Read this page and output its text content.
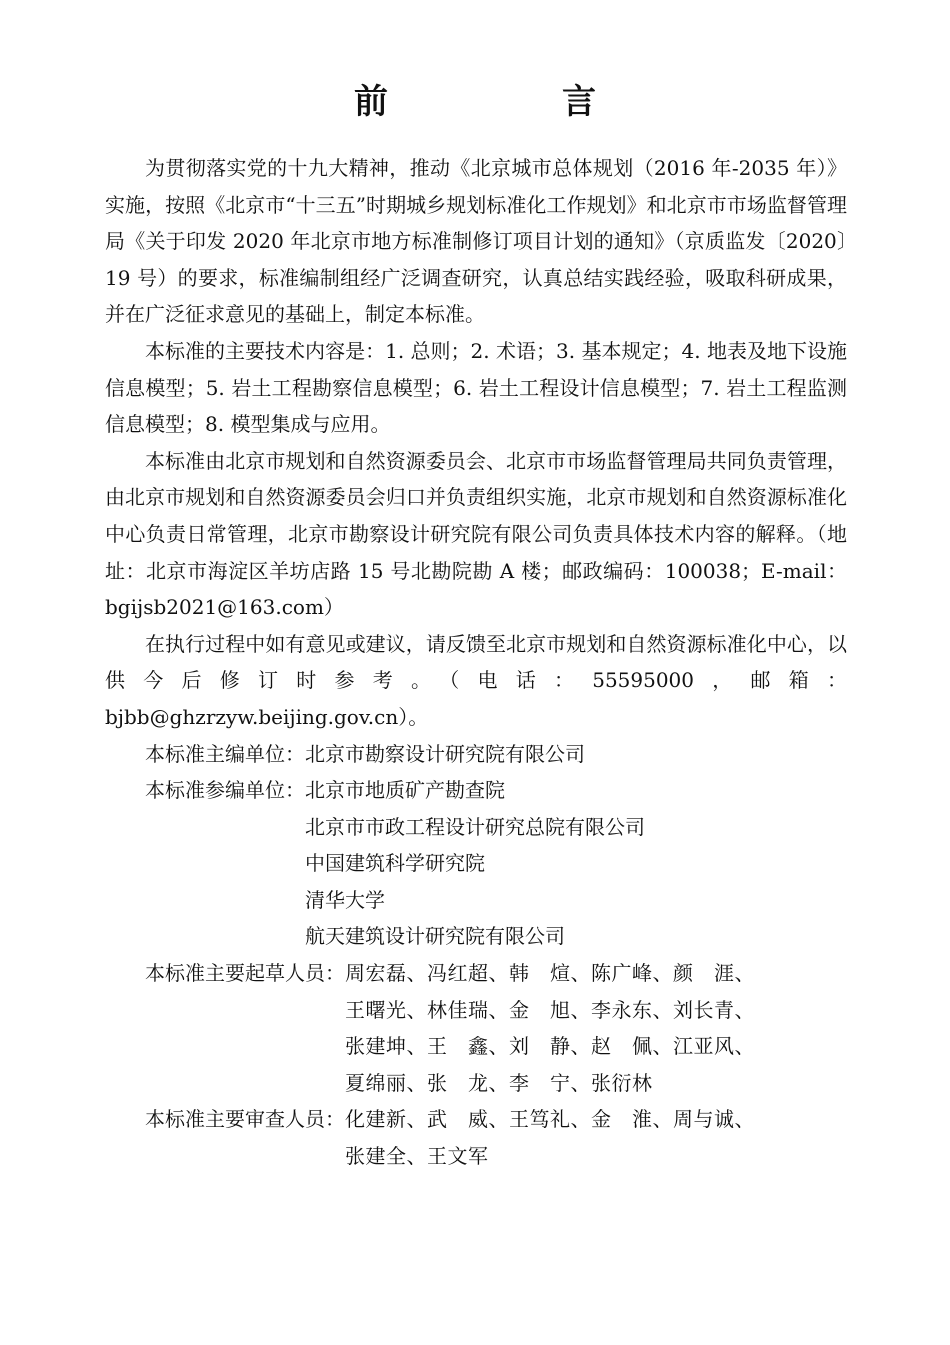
前　言

为贯彻落实党的十九大精神，推动《北京城市总体规划（2016 年-2035 年）》实施，按照《北京市“十三五”时期城乡规划标准化工作规划》和北京市市场监督管理局《关于印发 2020 年北京市地方标准制修订项目计划的通知》（京质监发〔2020〕19 号）的要求，标准编制组经广泛调查研究，认真总结实践经验，吸取科研成果，并在广泛征求意见的基础上，制定本标准。

本标准的主要技术内容是：1. 总则；2. 术语；3. 基本规定；4. 地表及地下设施信息模型；5. 岩土工程勘察信息模型；6. 岩土工程设计信息模型；7. 岩土工程监测信息模型；8. 模型集成与应用。

本标准由北京市规划和自然资源委员会、北京市市场监督管理局共同负责管理，由北京市规划和自然资源委员会归口并负责组织实施，北京市规划和自然资源标准化中心负责日常管理，北京市勘察设计研究院有限公司负责具体技术内容的解释。（地址：北京市海淀区羊坊店路 15 号北勘院勘 A 楼；邮政编码：100038；E-mail：bgijsb2021@163.com）

在执行过程中如有意见或建议，请反馈至北京市规划和自然资源标准化中心，以供今后修订时参考。（电话：55595000，邮箱：bjbb@ghzrzyw.beijing.gov.cn）。

本标准主编单位： 北京市勘察设计研究院有限公司
本标准参编单位： 北京市地质矿产勘查院
北京市市政工程设计研究总院有限公司
中国建筑科学研究院
清华大学
航天建筑设计研究院有限公司
本标准主要起草人员： 周宏磊、冯红超、韩　煊、陈广峰、颜　涯、
王曙光、林佳瑞、金　旭、李永东、刘长青、
张建坤、王　鑫、刘　静、赵　佩、江亚风、
夏绵丽、张　龙、李　宁、张衍林
本标准主要审查人员： 化建新、武　威、王笃礼、金　淮、周与诚、
张建全、王文军
